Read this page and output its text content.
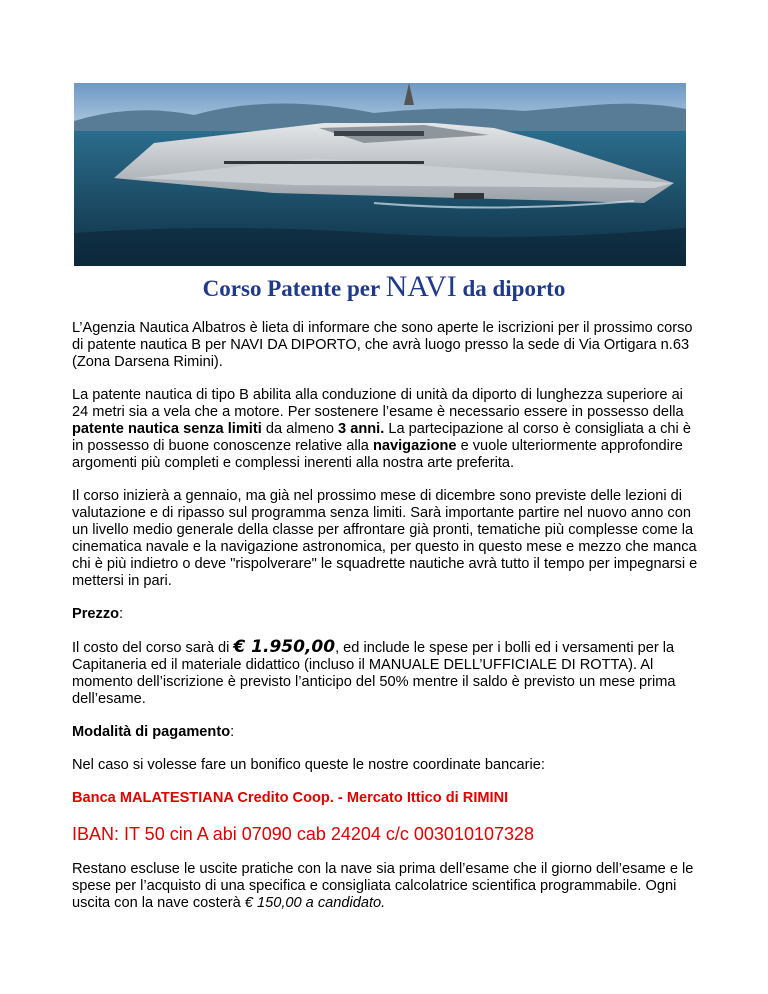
Corso Patente per NAVI da diporto

L’Agenzia Nautica Albatros è lieta di informare che sono aperte le iscrizioni per il prossimo corso di patente nautica B per NAVI DA DIPORTO, che avrà luogo presso la sede di Via Ortigara n.63 (Zona Darsena Rimini).

La patente nautica di tipo B abilita alla conduzione di unità da diporto di lunghezza superiore ai 24 metri sia a vela che a motore. Per sostenere l’esame è necessario essere in possesso della patente nautica senza limiti da almeno 3 anni. La partecipazione al corso è consigliata a chi è in possesso di buone conoscenze relative alla navigazione e vuole ulteriormente approfondire argomenti più completi e complessi inerenti alla nostra arte preferita.

Il corso inizierà a gennaio, ma già nel prossimo mese di dicembre sono previste delle lezioni di valutazione e di ripasso sul programma senza limiti. Sarà importante partire nel nuovo anno con un livello medio generale della classe per affrontare già pronti, tematiche più complesse come la cinematica navale e la navigazione astronomica, per questo in questo mese e mezzo che manca chi è più indietro o deve "rispolverare" le squadrette nautiche avrà tutto il tempo per impegnarsi e mettersi in pari.

Prezzo:

Il costo del corso sarà di € 1.950,00, ed include le spese per i bolli ed i versamenti per la Capitaneria ed il materiale didattico (incluso il MANUALE DELL’UFFICIALE DI ROTTA). Al momento dell’iscrizione è previsto l’anticipo del 50% mentre il saldo è previsto un mese prima dell’esame.

Modalità di pagamento:

Nel caso si volesse fare un bonifico queste le nostre coordinate bancarie:

Banca MALATESTIANA Credito Coop. - Mercato Ittico di RIMINI

IBAN: IT 50 cin A abi 07090 cab 24204 c/c 003010107328

Restano escluse le uscite pratiche con la nave sia prima dell’esame che il giorno dell’esame e le spese per l’acquisto di una specifica e consigliata calcolatrice scientifica programmabile. Ogni uscita con la nave costerà € 150,00 a candidato.
